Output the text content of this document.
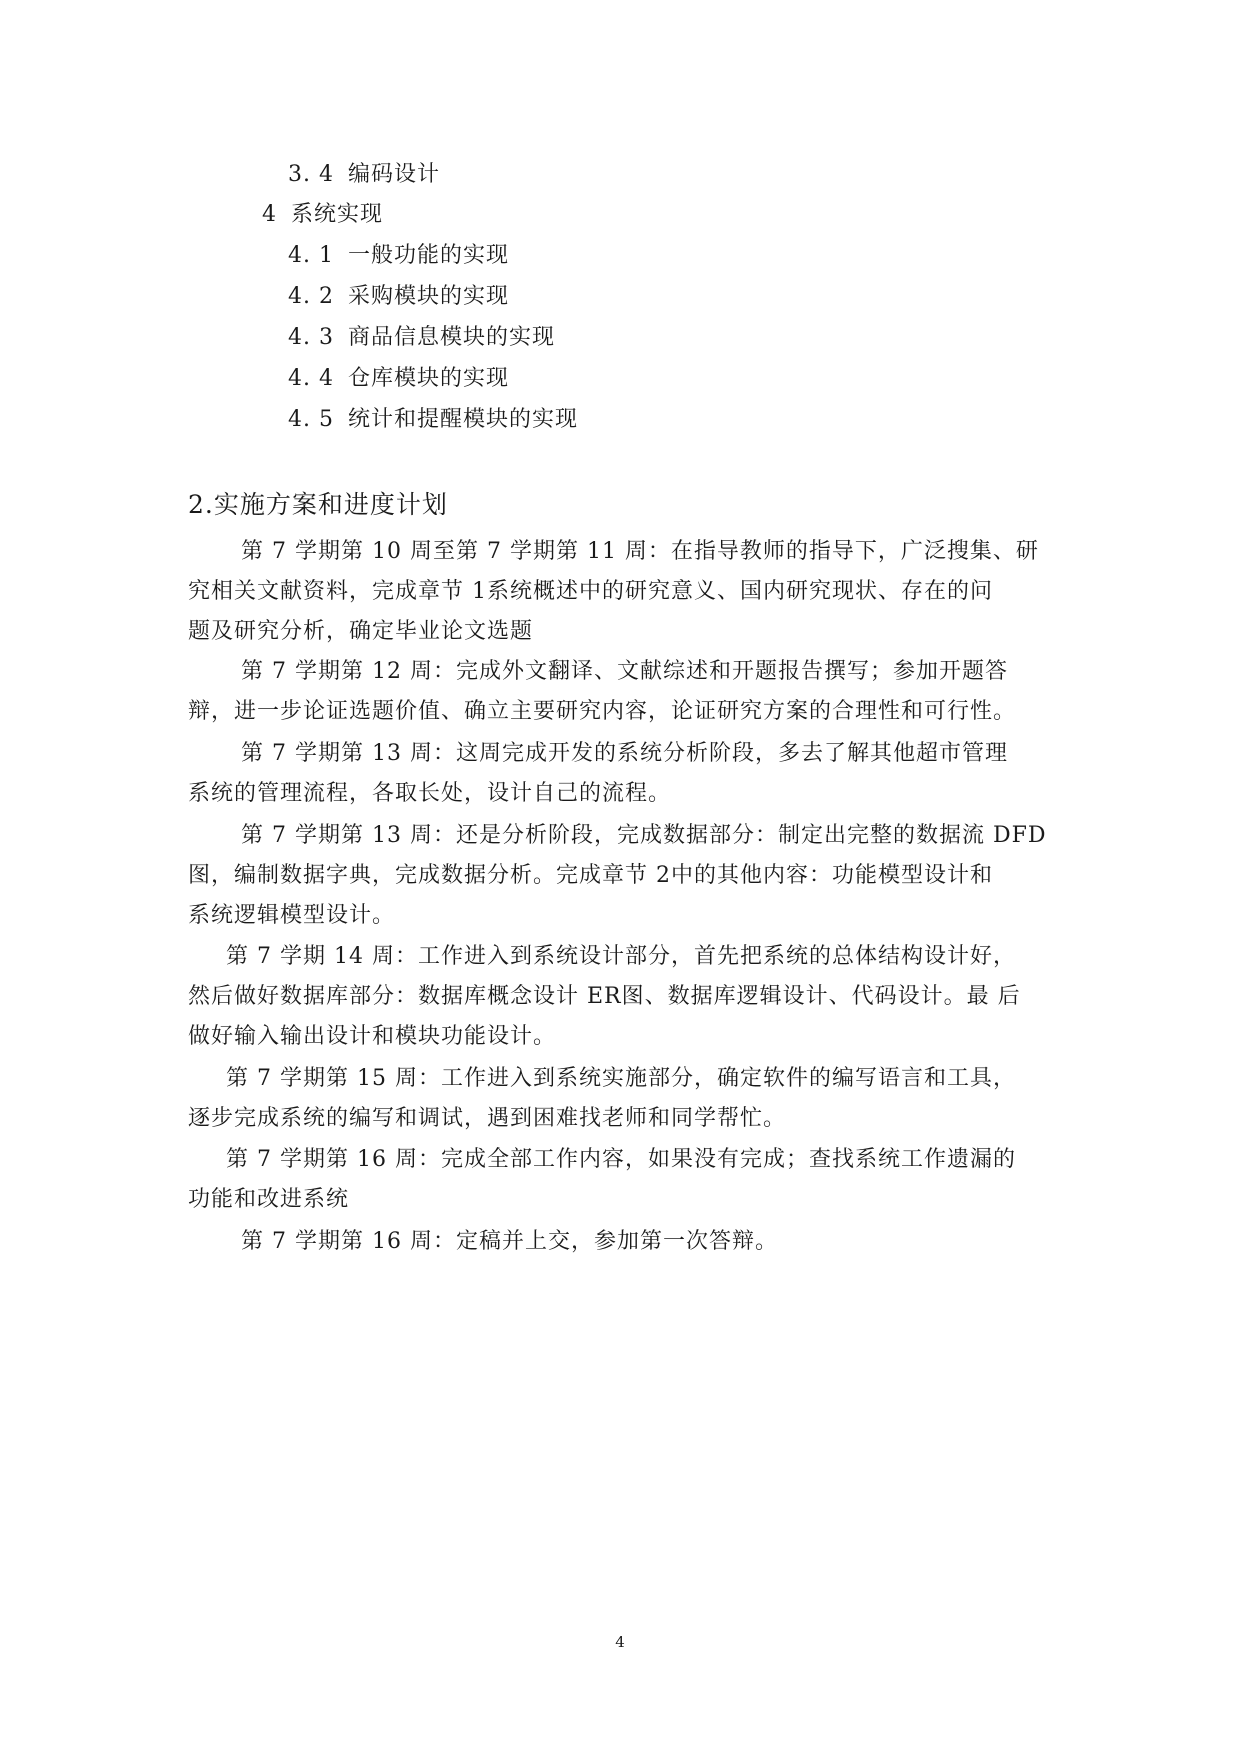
3. 4 编码设计
4 系统实现
4. 1 一般功能的实现
4. 2 采购模块的实现
4. 3 商品信息模块的实现
4. 4 仓库模块的实现
4. 5 统计和提醒模块的实现
2.实施方案和进度计划
第 7 学期第 10 周至第 7 学期第 11 周：在指导教师的指导下，广泛搜集、研
究相关文献资料，完成章节 1系统概述中的研究意义、国内研究现状、存在的问
题及研究分析，确定毕业论文选题
第 7 学期第 12 周：完成外文翻译、文献综述和开题报告撰写；参加开题答
辩，进一步论证选题价值、确立主要研究内容，论证研究方案的合理性和可行性。
第 7 学期第 13 周：这周完成开发的系统分析阶段，多去了解其他超市管理
系统的管理流程，各取长处，设计自己的流程。
第 7 学期第 13 周：还是分析阶段，完成数据部分：制定出完整的数据流 DFD
图，编制数据字典，完成数据分析。完成章节 2中的其他内容：功能模型设计和
系统逻辑模型设计。
第 7 学期 14 周：工作进入到系统设计部分，首先把系统的总体结构设计好，
然后做好数据库部分：数据库概念设计 ER图、数据库逻辑设计、代码设计。最 后
做好输入输出设计和模块功能设计。
第 7 学期第 15 周：工作进入到系统实施部分，确定软件的编写语言和工具，
逐步完成系统的编写和调试，遇到困难找老师和同学帮忙。
第 7 学期第 16 周：完成全部工作内容，如果没有完成；查找系统工作遗漏的
功能和改进系统
第 7 学期第 16 周：定稿并上交，参加第一次答辩。
4
